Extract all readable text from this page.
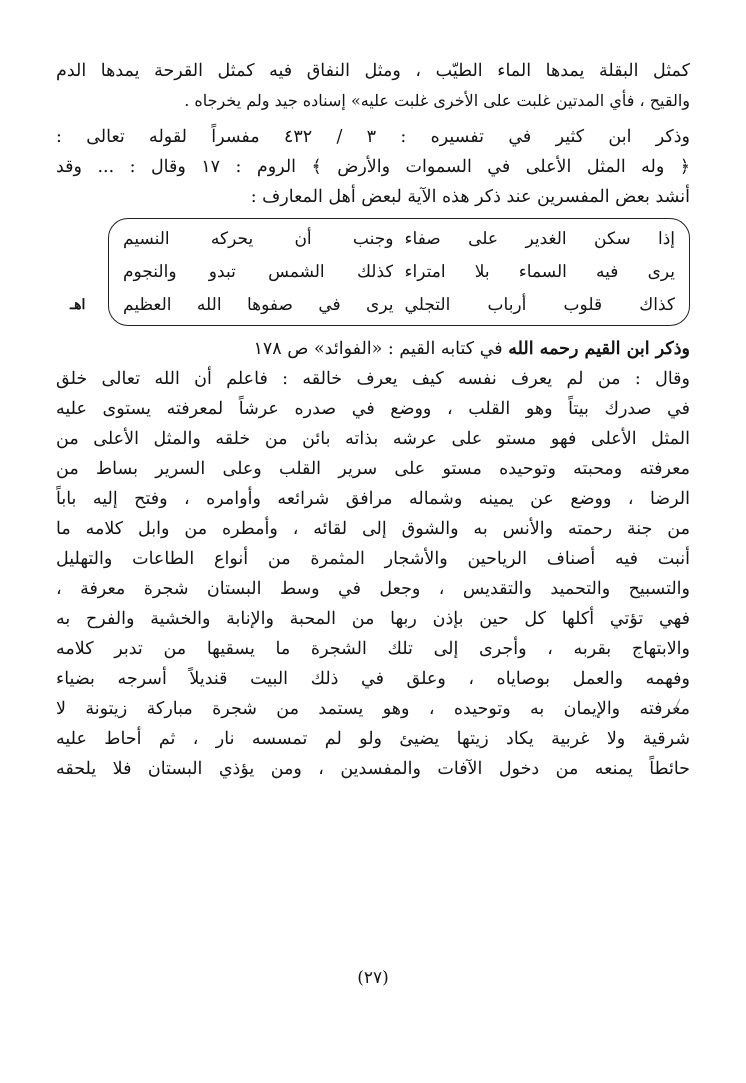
كمثل البقلة يمدها الماء الطيّب ، ومثل النفاق فيه كمثل القرحة يمدها الدم
والقيح ، فأي المدتين غلبت على الأخرى غلبت عليه» إسناده جيد ولم يخرجاه .
وذكر ابن كثير في تفسيره : ٣ / ٤٣٢ مفسراً لقوله تعالى :
﴿ وله المثل الأعلى في السموات والأرض ﴾ الروم : ١٧ وقال : ... وقد
أنشد بعض المفسرين عند ذكر هذه الآية لبعض أهل المعارف :
إذا سكن الغدير على صفاء
وجنب أن يحركه النسيم
يرى فيه السماء بلا امتراء
كذلك الشمس تبدو والنجوم
كذاك قلوب أرباب التجلي
يرى في صفوها الله العظيم
اهـ
وذكر ابن القيم رحمه الله في كتابه القيم : «الفوائد» ص ١٧٨
وقال : من لم يعرف نفسه كيف يعرف خالقه : فاعلم أن الله تعالى خلق
في صدرك بيتاً وهو القلب ، ووضع في صدره عرشاً لمعرفته يستوى عليه
المثل الأعلى فهو مستو على عرشه بذاته بائن من خلقه والمثل الأعلى من
معرفته ومحبته وتوحيده مستو على سرير القلب وعلى السرير بساط من
الرضا ، ووضع عن يمينه وشماله مرافق شرائعه وأوامره ، وفتح إليه باباً
من جنة رحمته والأنس به والشوق إلى لقائه ، وأمطره من وابل كلامه ما
أنبت فيه أصناف الرياحين والأشجار المثمرة من أنواع الطاعات والتهليل
والتسبيح والتحميد والتقديس ، وجعل في وسط البستان شجرة معرفة ،
فهي تؤتي أكلها كل حين بإذن ربها من المحبة والإنابة والخشية والفرح به
والابتهاج بقربه ، وأجرى إلى تلك الشجرة ما يسقيها من تدبر كلامه
وفهمه والعمل بوصاياه ، وعلق في ذلك البيت قنديلاً أسرجه بضياء
معرفته والإيمان به وتوحيده ، وهو يستمد من شجرة مباركة زيتونة لا
شرقية ولا غربية يكاد زيتها يضيئ ولو لم تمسسه نار ، ثم أحاط عليه
حائطاً يمنعه من دخول الآفات والمفسدين ، ومن يؤذي البستان فلا يلحقه
(٢٧)
